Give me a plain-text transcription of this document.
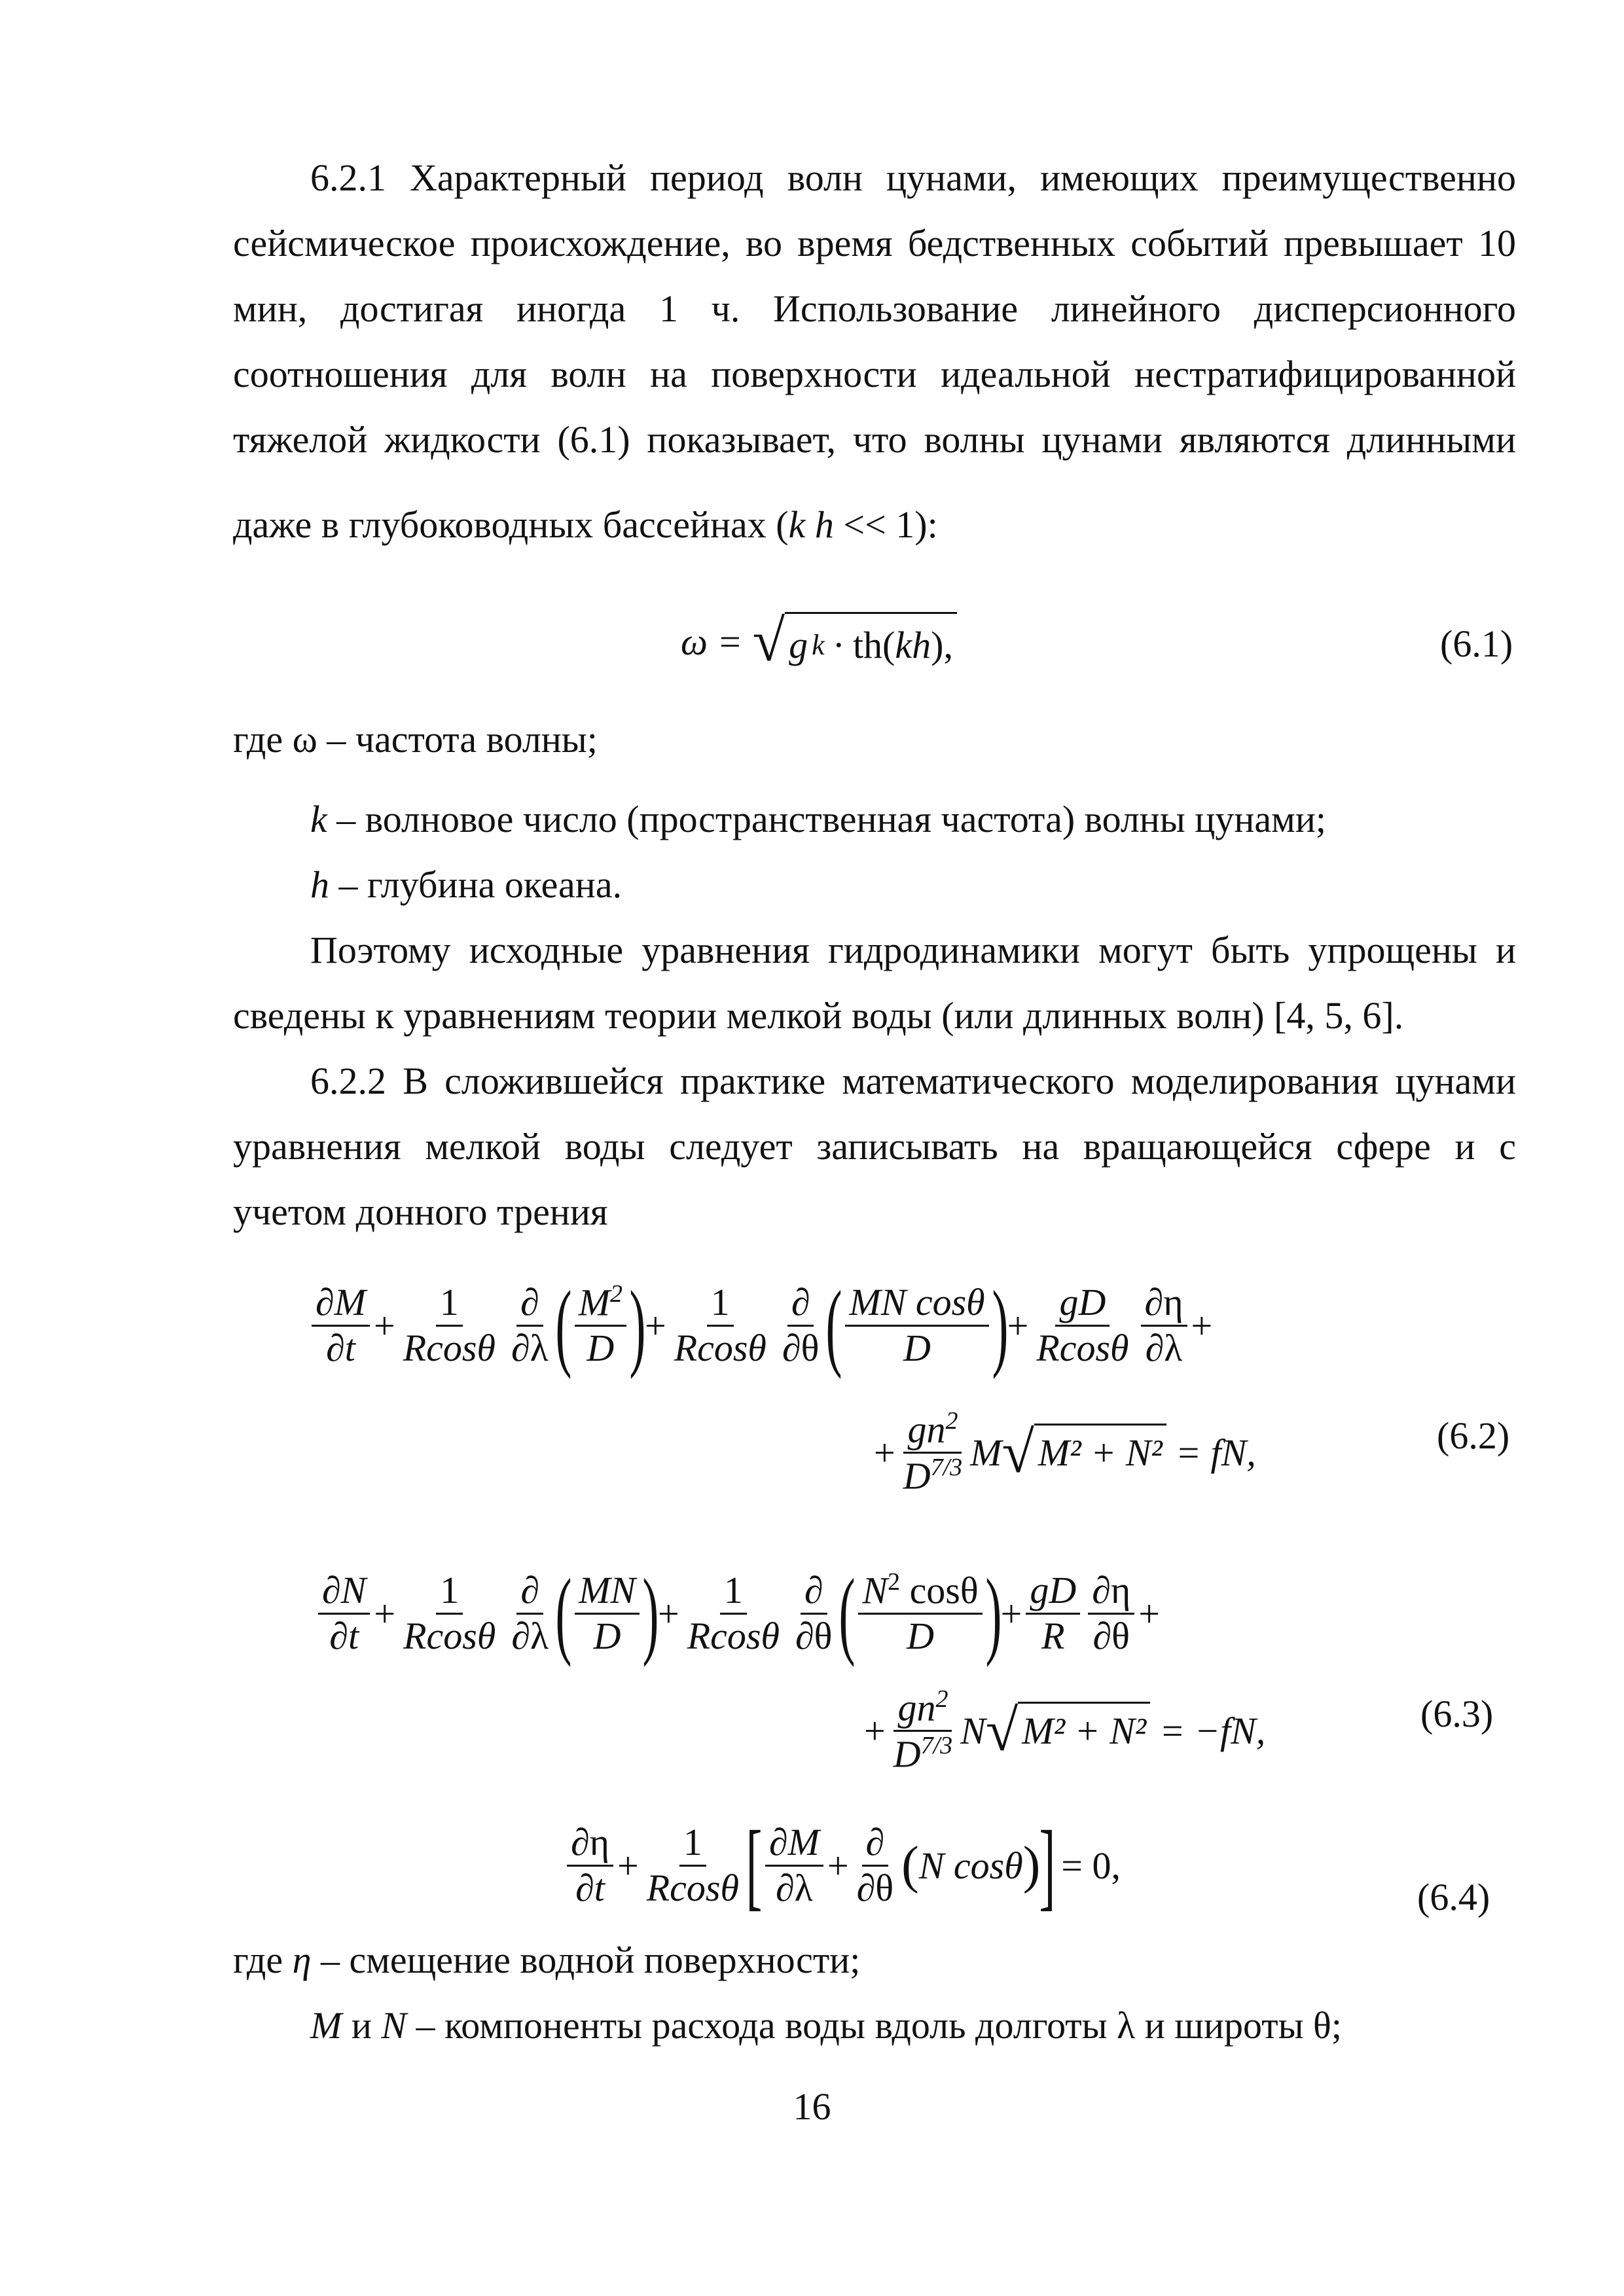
6.2.1 Характерный период волн цунами, имеющих преимущественно
сейсмическое происхождение, во время бедственных событий превышает 10
мин, достигая иногда 1 ч. Использование линейного дисперсионного
соотношения для волн на поверхности идеальной нестратифицированной
тяжелой жидкости (6.1) показывает, что волны цунами являются длинными
даже в глубоководных бассейнах (k h << 1):
ω = √ g k · th( kh ),	(6.1)
где ω – частота волны;
k – волновое число (пространственная частота) волны цунами;
h – глубина океана.
Поэтому исходные уравнения гидродинамики могут быть упрощены и
сведены к уравнениям теории мелкой воды (или длинных волн) [4, 5, 6].
6.2.2 В сложившейся практике математического моделирования цунами
уравнения мелкой воды следует записывать на вращающейся сфере и с
учетом донного трения
$\frac{\partial M}{\partial t} + \frac{1}{Rcos\theta} \frac{\partial}{\partial\lambda}$ ( $\frac{M^2}{D}$ )
+ $\frac{1}{Rcos\theta} \frac{\partial}{\partial\theta}$ ( $\frac{\text{MN cosθ}}{D}$ )
+ $\frac{gD}{Rcos\theta} \frac{\partial\eta}{\partial\lambda}$ +
+ $\frac{gn^2}{D^{7/3}}$ M √ M² + N² = fN,	(6.2)
$\frac{\partial N}{\partial t} + \frac{1}{Rcos\theta} \frac{\partial}{\partial\lambda}$ ( $\frac{MN}{D}$ )
+ $\frac{1}{Rcos\theta} \frac{\partial}{\partial\theta}$ ( $\frac{N^2 \cos\theta}{D}$ )
+ $\frac{gD}{R} \frac{\partial\eta}{\partial\theta}$ +
+ $\frac{gn^2}{D^{7/3}}$ N √ M² + N² = −fN,	(6.3)
$\frac{\partial\eta}{\partial t} + \frac{1}{Rcos\theta}$ [ $\frac{\partial M}{\partial\lambda} + \frac{\partial}{\partial\theta}$ ( N cosθ )
] = 0,
(6.4)
где η – смещение водной поверхности;
M и N – компоненты расхода воды вдоль долготы λ и широты θ;
16
